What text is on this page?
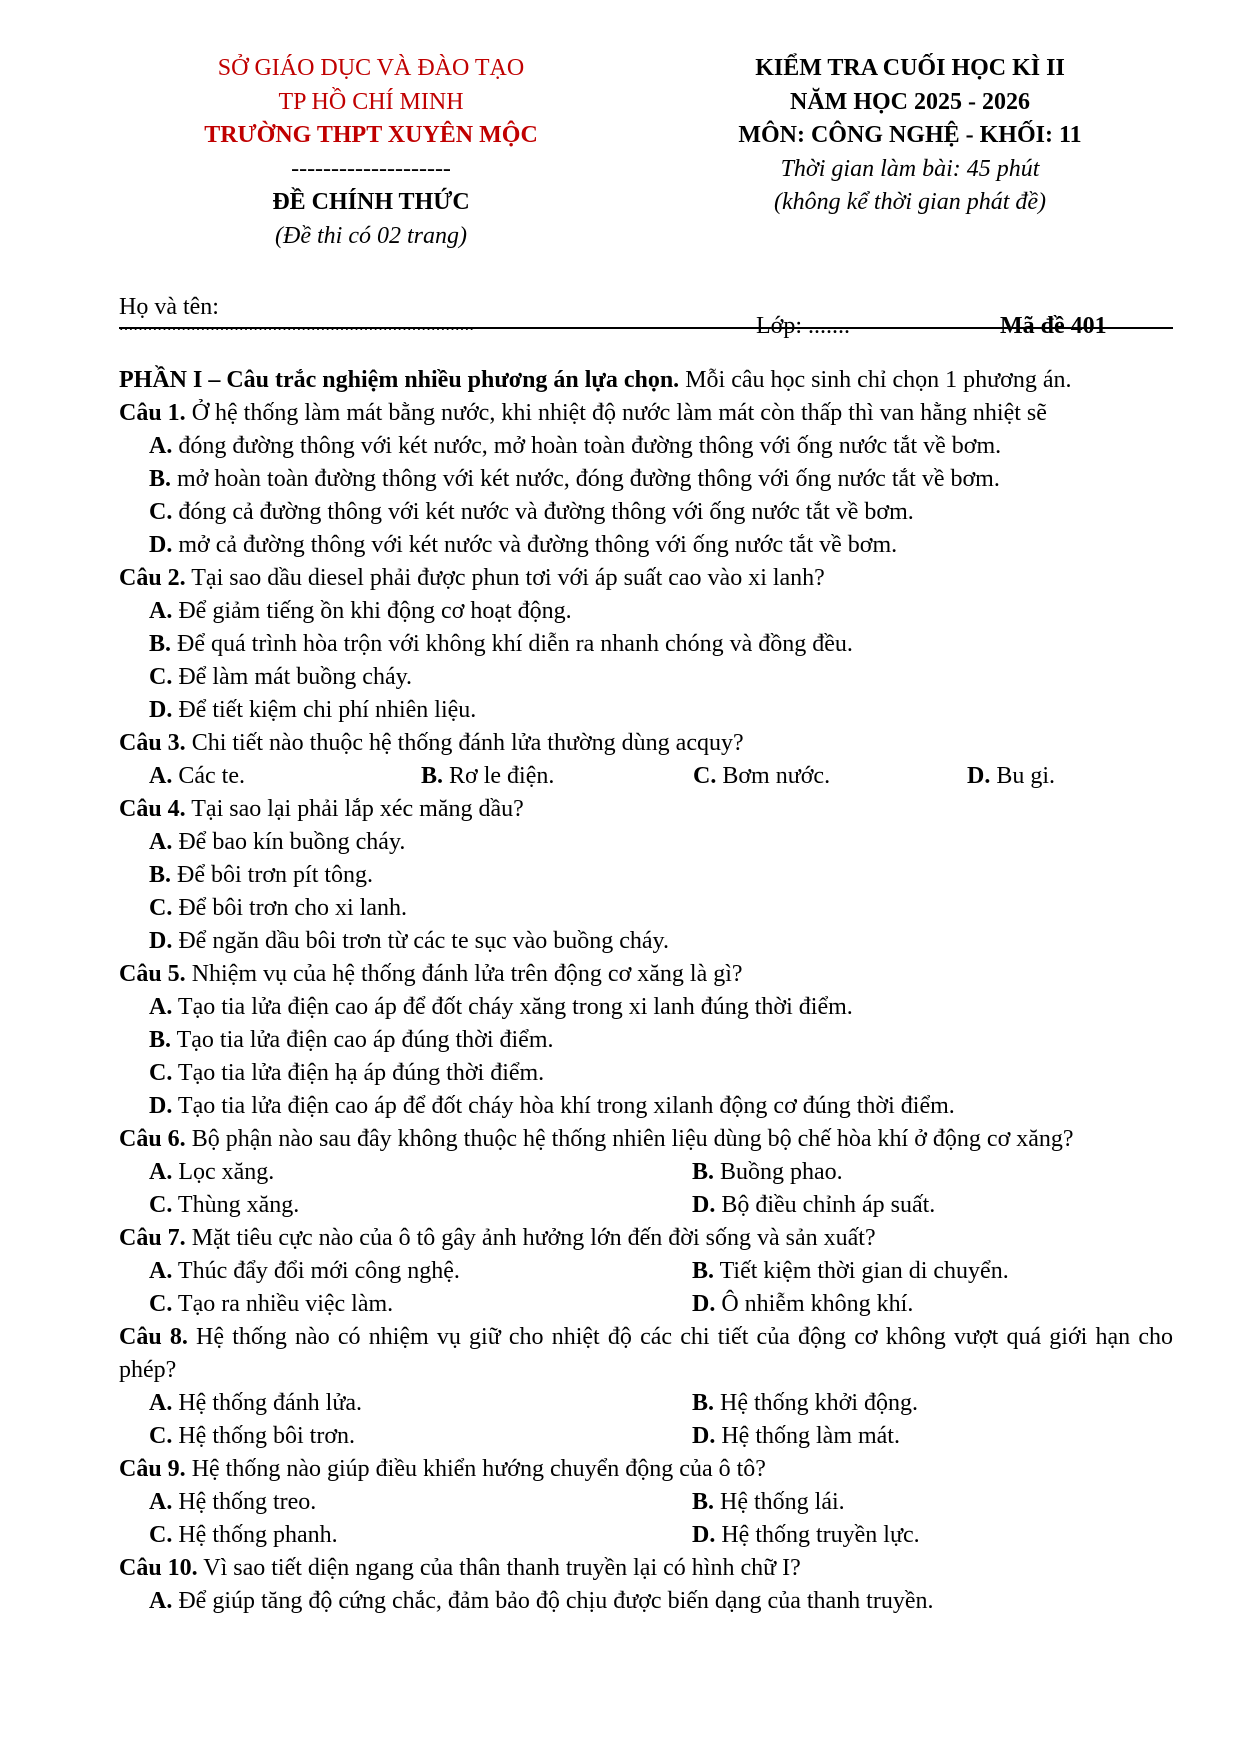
SỞ GIÁO DỤC VÀ ĐÀO TẠO
TP HỒ CHÍ MINH
TRƯỜNG THPT XUYÊN MỘC
--------------------
ĐỀ CHÍNH THỨC
(Đề thi có 02 trang)
KIỂM TRA CUỐI HỌC KÌ II
NĂM HỌC 2025 - 2026
MÔN: CÔNG NGHỆ - KHỐI: 11
Thời gian làm bài: 45 phút
(không kể thời gian phát đề)
Họ và tên:
..........................................................................	Lớp: .......	Mã đề 401

PHẦN I – Câu trắc nghiệm nhiều phương án lựa chọn. Mỗi câu học sinh chỉ chọn 1 phương án.

Câu 1. Ở hệ thống làm mát bằng nước, khi nhiệt độ nước làm mát còn thấp thì van hằng nhiệt sẽ

A. đóng đường thông với két nước, mở hoàn toàn đường thông với ống nước tắt về bơm.

B. mở hoàn toàn đường thông với két nước, đóng đường thông với ống nước tắt về bơm.

C. đóng cả đường thông với két nước và đường thông với ống nước tắt về bơm.

D. mở cả đường thông với két nước và đường thông với ống nước tắt về bơm.

Câu 2. Tại sao dầu diesel phải được phun tơi với áp suất cao vào xi lanh?

A. Để giảm tiếng ồn khi động cơ hoạt động.

B. Để quá trình hòa trộn với không khí diễn ra nhanh chóng và đồng đều.

C. Để làm mát buồng cháy.

D. Để tiết kiệm chi phí nhiên liệu.

Câu 3. Chi tiết nào thuộc hệ thống đánh lửa thường dùng acquy?

A. Các te.	B. Rơ le điện.	C. Bơm nước.	D. Bu gi.

Câu 4. Tại sao lại phải lắp xéc măng dầu?

A. Để bao kín buồng cháy.

B. Để bôi trơn pít tông.

C. Để bôi trơn cho xi lanh.

D. Để ngăn dầu bôi trơn từ các te sục vào buồng cháy.

Câu 5. Nhiệm vụ của hệ thống đánh lửa trên động cơ xăng là gì?

A. Tạo tia lửa điện cao áp để đốt cháy xăng trong xi lanh đúng thời điểm.

B. Tạo tia lửa điện cao áp đúng thời điểm.

C. Tạo tia lửa điện hạ áp đúng thời điểm.

D. Tạo tia lửa điện cao áp để đốt cháy hòa khí trong xilanh động cơ đúng thời điểm.

Câu 6. Bộ phận nào sau đây không thuộc hệ thống nhiên liệu dùng bộ chế hòa khí ở động cơ xăng?

A. Lọc xăng.	B. Buồng phao.
C. Thùng xăng.	D. Bộ điều chỉnh áp suất.

Câu 7. Mặt tiêu cực nào của ô tô gây ảnh hưởng lớn đến đời sống và sản xuất?

A. Thúc đẩy đổi mới công nghệ.	B. Tiết kiệm thời gian di chuyển.
C. Tạo ra nhiều việc làm.	D. Ô nhiễm không khí.

Câu 8. Hệ thống nào có nhiệm vụ giữ cho nhiệt độ các chi tiết của động cơ không vượt quá giới hạn cho phép?

A. Hệ thống đánh lửa.	B. Hệ thống khởi động.
C. Hệ thống bôi trơn.	D. Hệ thống làm mát.

Câu 9. Hệ thống nào giúp điều khiển hướng chuyển động của ô tô?

A. Hệ thống treo.	B. Hệ thống lái.
C. Hệ thống phanh.	D. Hệ thống truyền lực.

Câu 10. Vì sao tiết diện ngang của thân thanh truyền lại có hình chữ I?

A. Để giúp tăng độ cứng chắc, đảm bảo độ chịu được biến dạng của thanh truyền.
